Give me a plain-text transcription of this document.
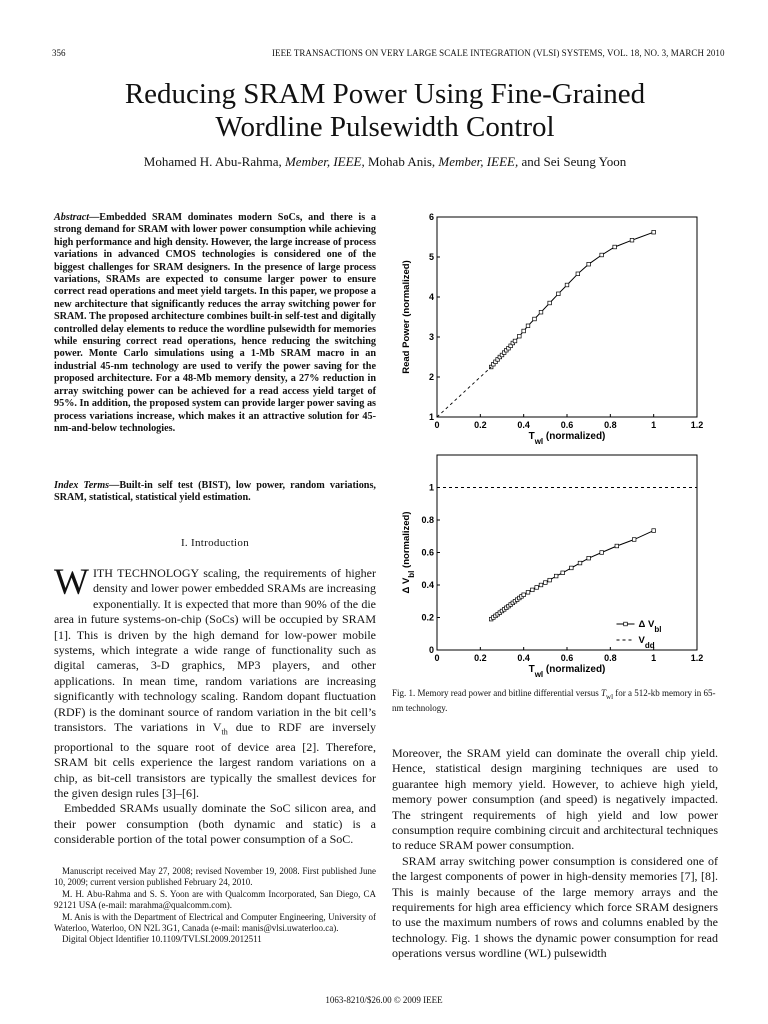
356	IEEE TRANSACTIONS ON VERY LARGE SCALE INTEGRATION (VLSI) SYSTEMS, VOL. 18, NO. 3, MARCH 2010
Reducing SRAM Power Using Fine-Grained
Wordline Pulsewidth Control
Mohamed H. Abu-Rahma, Member, IEEE, Mohab Anis, Member, IEEE, and Sei Seung Yoon
Abstract—Embedded SRAM dominates modern SoCs, and there is a strong demand for SRAM with lower power consumption while achieving high performance and high density. However, the large increase of process variations in advanced CMOS technologies is considered one of the biggest challenges for SRAM designers. In the presence of large process variations, SRAMs are expected to consume larger power to ensure correct read operations and meet yield targets. In this paper, we propose a new architecture that significantly reduces the array switching power for SRAM. The proposed architecture combines built-in self-test and digitally controlled delay elements to reduce the wordline pulsewidth for memories while ensuring correct read operations, hence reducing the switching power. Monte Carlo simulations using a 1-Mb SRAM macro in an industrial 45-nm technology are used to verify the power saving for the proposed architecture. For a 48-Mb memory density, a 27% reduction in array switching power can be achieved for a read access yield target of 95%. In addition, the proposed system can provide larger power saving as process variations increase, which makes it an attractive solution for 45-nm-and-below technologies.
Index Terms—Built-in self test (BIST), low power, random variations, SRAM, statistical, statistical yield estimation.
I. Introduction
WITH TECHNOLOGY scaling, the requirements of higher density and lower power embedded SRAMs are increasing exponentially. It is expected that more than 90% of the die area in future systems-on-chip (SoCs) will be occupied by SRAM [1]. This is driven by the high demand for low-power mobile systems, which integrate a wide range of functionality such as digital cameras, 3-D graphics, MP3 players, and other applications. In mean time, random variations are increasing significantly with technology scaling. Random dopant fluctuation (RDF) is the dominant source of random variation in the bit cell’s transistors. The variations in $V_{th}$ due to RDF are inversely proportional to the square root of device area [2]. Therefore, SRAM bit cells experience the largest random variations on a chip, as bit-cell transistors are typically the smallest devices for the given design rules [3]–[6].
Embedded SRAMs usually dominate the SoC silicon area, and their power consumption (both dynamic and static) is a considerable portion of the total power consumption of a SoC.

Manuscript received May 27, 2008; revised November 19, 2008. First published June 10, 2009; current version published February 24, 2010.

M. H. Abu-Rahma and S. S. Yoon are with Qualcomm Incorporated, San Diego, CA 92121 USA (e-mail: marahma@qualcomm.com).

M. Anis is with the Department of Electrical and Computer Engineering, University of Waterloo, Waterloo, ON N2L 3G1, Canada (e-mail: manis@vlsi.uwaterloo.ca).

Digital Object Identifier 10.1109/TVLSI.2009.2012511

0	0.2	0.4	0.6	0.8	1	1.2
1
2
3
4
5
6
$T_{wl}$ (normalized)
Read Power (normalized)
0	0.2	0.4	0.6	0.8	1	1.2
0
0.2
0.4
0.6
0.8
1
$T_{wl}$ (normalized)
Δ $V_{bl}$ (normalized)
Δ $V_{bl}$
$V_{dd}$
Fig. 1. Memory read power and bitline differential versus $T_{wl}$ for a 512-kb memory in 65-nm technology.

Moreover, the SRAM yield can dominate the overall chip yield. Hence, statistical design margining techniques are used to guarantee high memory yield. However, to achieve high yield, memory power consumption (and speed) is negatively impacted. The stringent requirements of high yield and low power consumption require combining circuit and architectural techniques to reduce SRAM power consumption.

SRAM array switching power consumption is considered one of the largest components of power in high-density memories [7], [8]. This is mainly because of the large memory arrays and the requirements for high area efficiency which force SRAM designers to use the maximum numbers of rows and columns enabled by the technology. Fig. 1 shows the dynamic power consumption for read operations versus wordline (WL) pulsewidth

1063-8210/$26.00 © 2009 IEEE
